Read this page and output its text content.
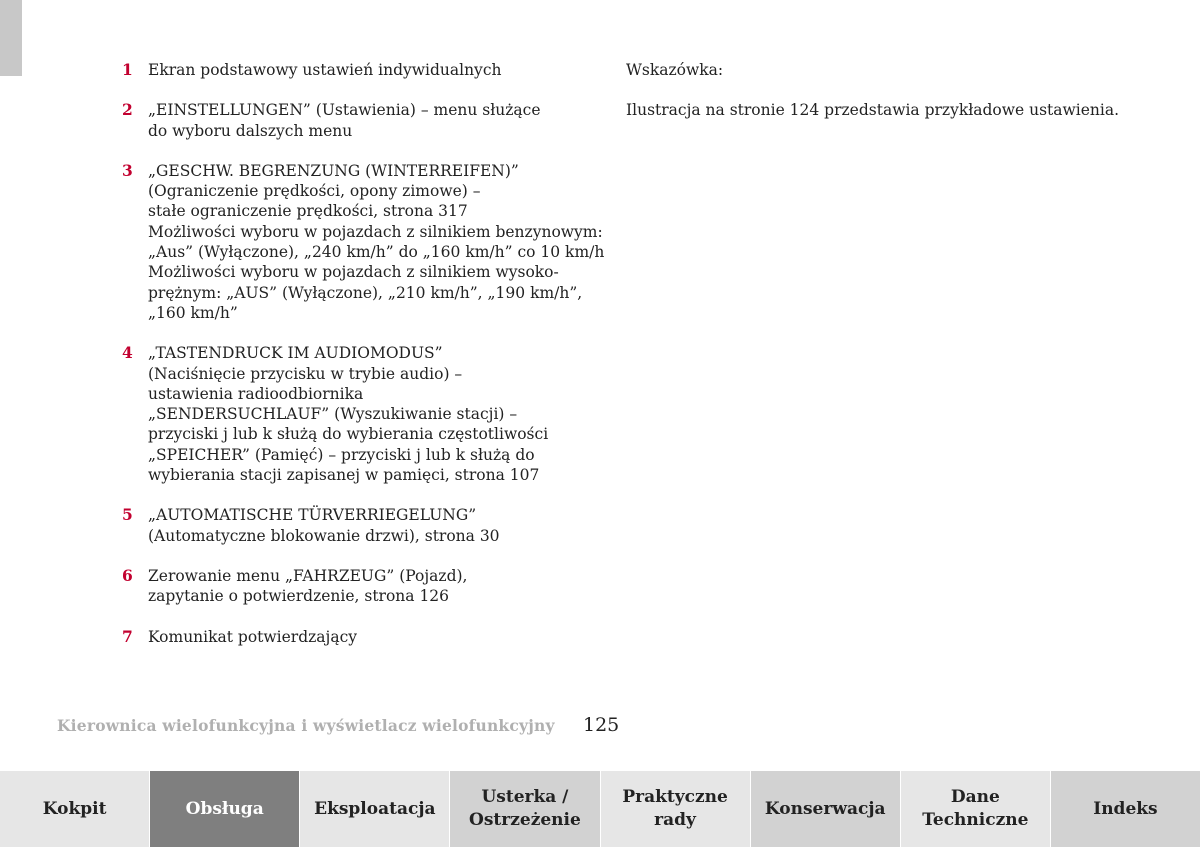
1 Ekran podstawowy ustawień indywidualnych
2 „EINSTELLUNGEN” (Ustawienia) – menu służące
do wyboru dalszych menu
3 „GESCHW. BEGRENZUNG (WINTERREIFEN)”
(Ograniczenie prędkości, opony zimowe) –
stałe ograniczenie prędkości, strona 317
Możliwości wyboru w pojazdach z silnikiem benzynowym:
„Aus” (Wyłączone), „240 km/h” do „160 km/h” co 10 km/h
Możliwości wyboru w pojazdach z silnikiem wysoko-
prężnym: „AUS” (Wyłączone), „210 km/h”, „190 km/h”,
„160 km/h”
4 „TASTENDRUCK IM AUDIOMODUS”
(Naciśnięcie przycisku w trybie audio) –
ustawienia radioodbiornika
„SENDERSUCHLAUF” (Wyszukiwanie stacji) –
przyciski j lub k służą do wybierania częstotliwości
„SPEICHER” (Pamięć) – przyciski j lub k służą do
wybierania stacji zapisanej w pamięci, strona 107
5 „AUTOMATISCHE TÜRVERRIEGELUNG”
(Automatyczne blokowanie drzwi), strona 30
6 Zerowanie menu „FAHRZEUG” (Pojazd),
zapytanie o potwierdzenie, strona 126
7 Komunikat potwierdzający
Wskazówka:
Ilustracja na stronie 124 przedstawia przykładowe ustawienia.
Kierownica wielofunkcyjna i wyświetlacz wielofunkcyjny 125
Kokpit	Obsługa	Eksploatacja
Usterka /
Ostrzeżenie
Praktyczne
rady
Konserwacja
Dane
Techniczne
Indeks
